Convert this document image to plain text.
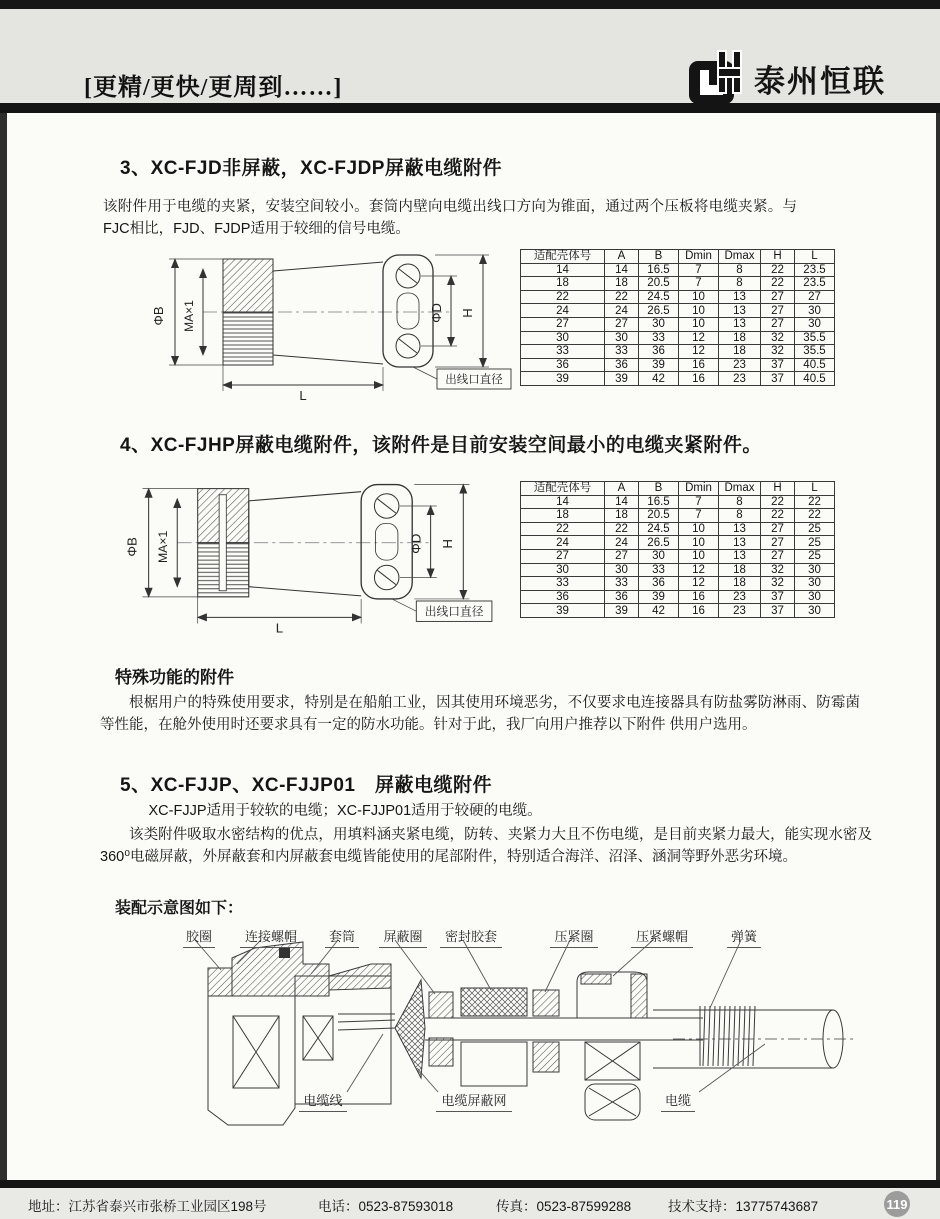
[更精/更快/更周到……]	泰州恒联
3、XC-FJD非屏蔽，XC-FJDP屏蔽电缆附件
该附件用于电缆的夹紧，安装空间较小。套筒内壁向电缆出线口方向为锥面，通过两个压板将电缆夹紧。与FJC相比，FJD、FJDP适用于较细的信号电缆。
ΦB MA×1	ΦD H
L
出线口直径
适配壳体号	A	B	Dmin	Dmax	H	L
14	14	16.5	7	8	22	23.5
18	18	20.5	7	8	22	23.5
22	22	24.5	10	13	27	27
24	24	26.5	10	13	27	30
27	27	30	10	13	27	30
30	30	33	12	18	32	35.5
33	33	36	12	18	32	35.5
36	36	39	16	23	37	40.5
39	39	42	16	23	37	40.5
4、XC-FJHP屏蔽电缆附件，该附件是目前安装空间最小的电缆夹紧附件。
ΦB MA×1	ΦD H
L
出线口直径
适配壳体号	A	B	Dmin	Dmax	H	L
14	14	16.5	7	8	22	22
18	18	20.5	7	8	22	22
22	22	24.5	10	13	27	25
24	24	26.5	10	13	27	25
27	27	30	10	13	27	25
30	30	33	12	18	32	30
33	33	36	12	18	32	30
36	36	39	16	23	37	30
39	39	42	16	23	37	30
特殊功能的附件
根椐用户的特殊使用要求，特别是在船舶工业，因其使用环境恶劣，不仅要求电连接器具有防盐雾防淋雨、防霉菌等性能，在舱外使用时还要求具有一定的防水功能。针对于此，我厂向用户推荐以下附件 供用户选用。
5、XC-FJJP、XC-FJJP01　屏蔽电缆附件
XC-FJJP适用于较软的电缆；XC-FJJP01适用于较硬的电缆。
该类附件吸取水密结构的优点，用填料涵夹紧电缆，防转、夹紧力大且不伤电缆，是目前夹紧力最大，能实现水密及360⁰电磁屏蔽，外屏蔽套和内屏蔽套电缆皆能使用的尾部附件，特别适合海洋、沼泽、涵洞等野外恶劣环境。
装配示意图如下：
胶圈	连接螺帽	套筒	屏蔽圈	密封胶套	压紧圈	压紧螺帽	弹簧
电缆线	电缆屏蔽网	电缆
地址：江苏省泰兴市张桥工业园区198号	电话：0523-87593018	传真：0523-87599288	技术支持：13775743687	119
